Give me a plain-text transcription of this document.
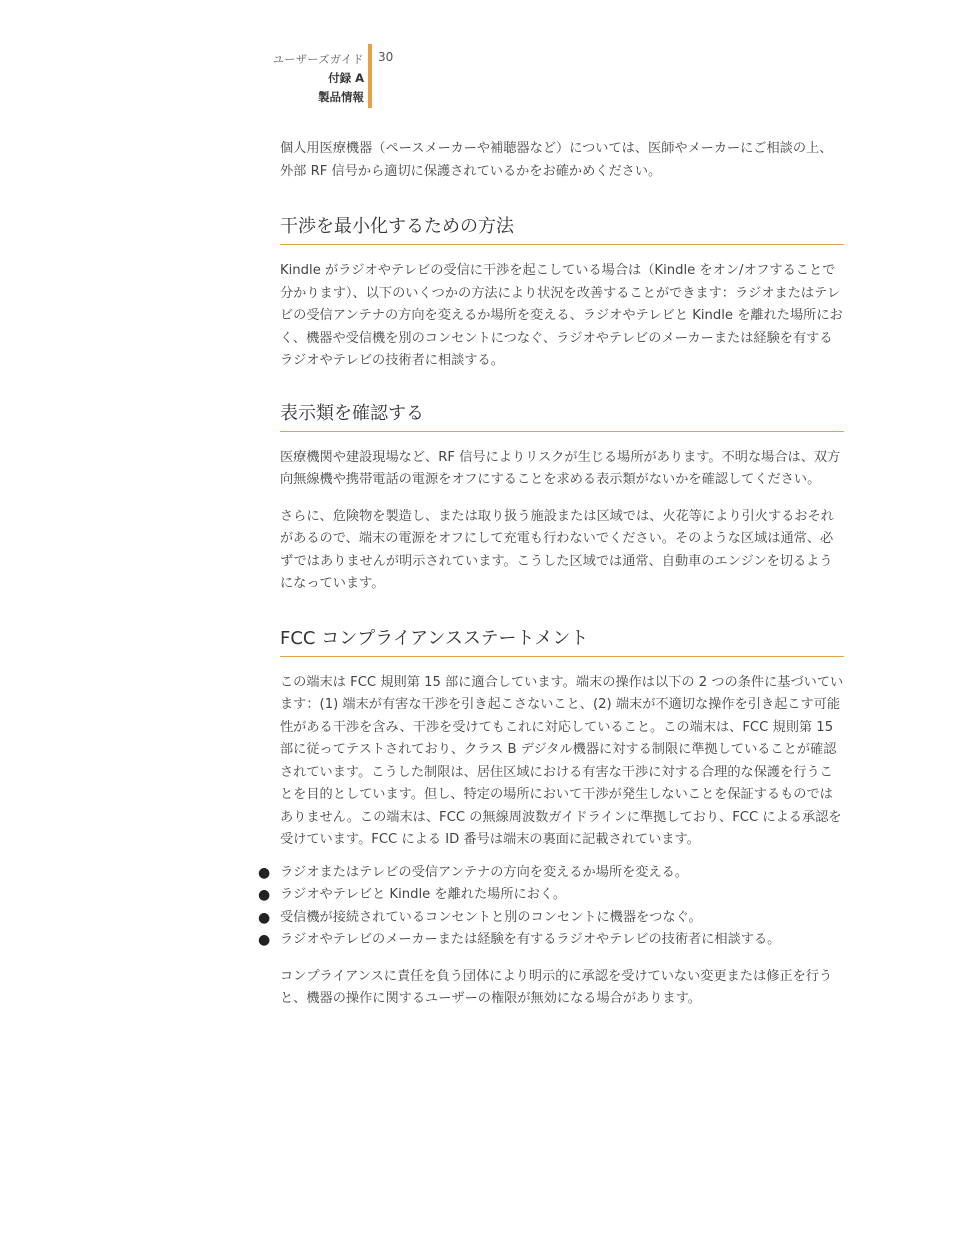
ユーザーズガイド
付録 A
製品情報
30

個人用医療機器（ペースメーカーや補聴器など）については、医師やメーカーにご相談の上、外部 RF 信号から適切に保護されているかをお確かめください。

干渉を最小化するための方法

Kindle がラジオやテレビの受信に干渉を起こしている場合は（Kindle をオン/オフすることで分かります）、以下のいくつかの方法により状況を改善することができます：ラジオまたはテレビの受信アンテナの方向を変えるか場所を変える、ラジオやテレビと Kindle を離れた場所におく、機器や受信機を別のコンセントにつなぐ、ラジオやテレビのメーカーまたは経験を有するラジオやテレビの技術者に相談する。

表示類を確認する

医療機関や建設現場など、RF 信号によりリスクが生じる場所があります。不明な場合は、双方向無線機や携帯電話の電源をオフにすることを求める表示類がないかを確認してください。

さらに、危険物を製造し、または取り扱う施設または区域では、火花等により引火するおそれがあるので、端末の電源をオフにして充電も行わないでください。そのような区域は通常、必ずではありませんが明示されています。こうした区域では通常、自動車のエンジンを切るようになっています。

FCC コンプライアンスステートメント

この端末は FCC 規則第 15 部に適合しています。端末の操作は以下の 2 つの条件に基づいています：(1) 端末が有害な干渉を引き起こさないこと、(2) 端末が不適切な操作を引き起こす可能性がある干渉を含み、干渉を受けてもこれに対応していること。この端末は、FCC 規則第 15 部に従ってテストされており、クラス B デジタル機器に対する制限に準拠していることが確認されています。こうした制限は、居住区域における有害な干渉に対する合理的な保護を行うことを目的としています。但し、特定の場所において干渉が発生しないことを保証するものではありません。この端末は、FCC の無線周波数ガイドラインに準拠しており、FCC による承認を受けています。FCC による ID 番号は端末の裏面に記載されています。

● ラジオまたはテレビの受信アンテナの方向を変えるか場所を変える。
● ラジオやテレビと Kindle を離れた場所におく。
● 受信機が接続されているコンセントと別のコンセントに機器をつなぐ。
● ラジオやテレビのメーカーまたは経験を有するラジオやテレビの技術者に相談する。

コンプライアンスに責任を負う団体により明示的に承認を受けていない変更または修正を行うと、機器の操作に関するユーザーの権限が無効になる場合があります。
